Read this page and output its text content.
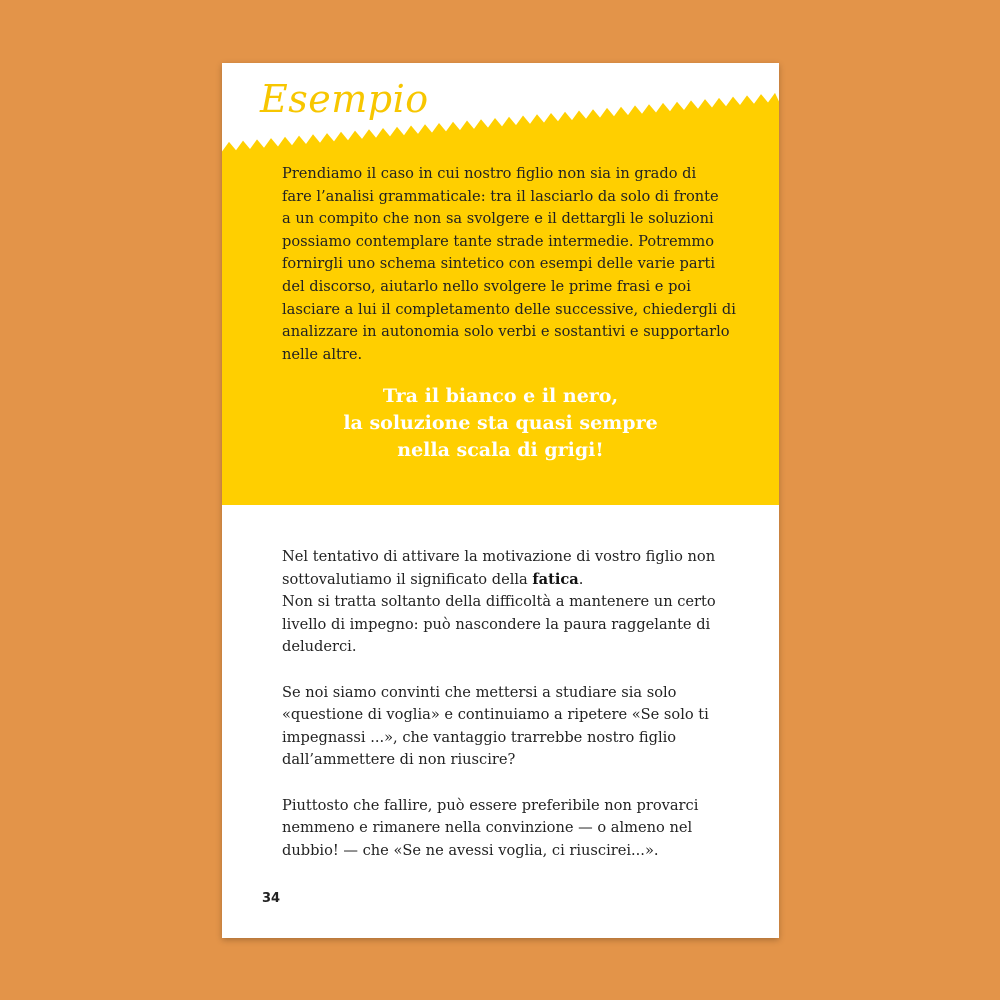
Esempio

Prendiamo il caso in cui nostro figlio non sia in grado di
fare l’analisi grammaticale: tra il lasciarlo da solo di fronte
a un compito che non sa svolgere e il dettargli le soluzioni
possiamo contemplare tante strade intermedie. Potremmo
fornirgli uno schema sintetico con esempi delle varie parti
del discorso, aiutarlo nello svolgere le prime frasi e poi
lasciare a lui il completamento delle successive, chiedergli di
analizzare in autonomia solo verbi e sostantivi e supportarlo
nelle altre.

Tra il bianco e il nero,
la soluzione sta quasi sempre
nella scala di grigi!

Nel tentativo di attivare la motivazione di vostro figlio non sottovalutiamo il significato della fatica.
Non si tratta soltanto della difficoltà a mantenere un certo livello di impegno: può nascondere la paura raggelante di deluderci.

Se noi siamo convinti che mettersi a studiare sia solo «questione di voglia» e continuiamo a ripetere «Se solo ti impegnassi ...», che vantaggio trarrebbe nostro figlio dall’ammettere di non riuscire?

Piuttosto che fallire, può essere preferibile non provarci nemmeno e rimanere nella convinzione — o almeno nel dubbio! — che «Se ne avessi voglia, ci riuscirei...».

34
